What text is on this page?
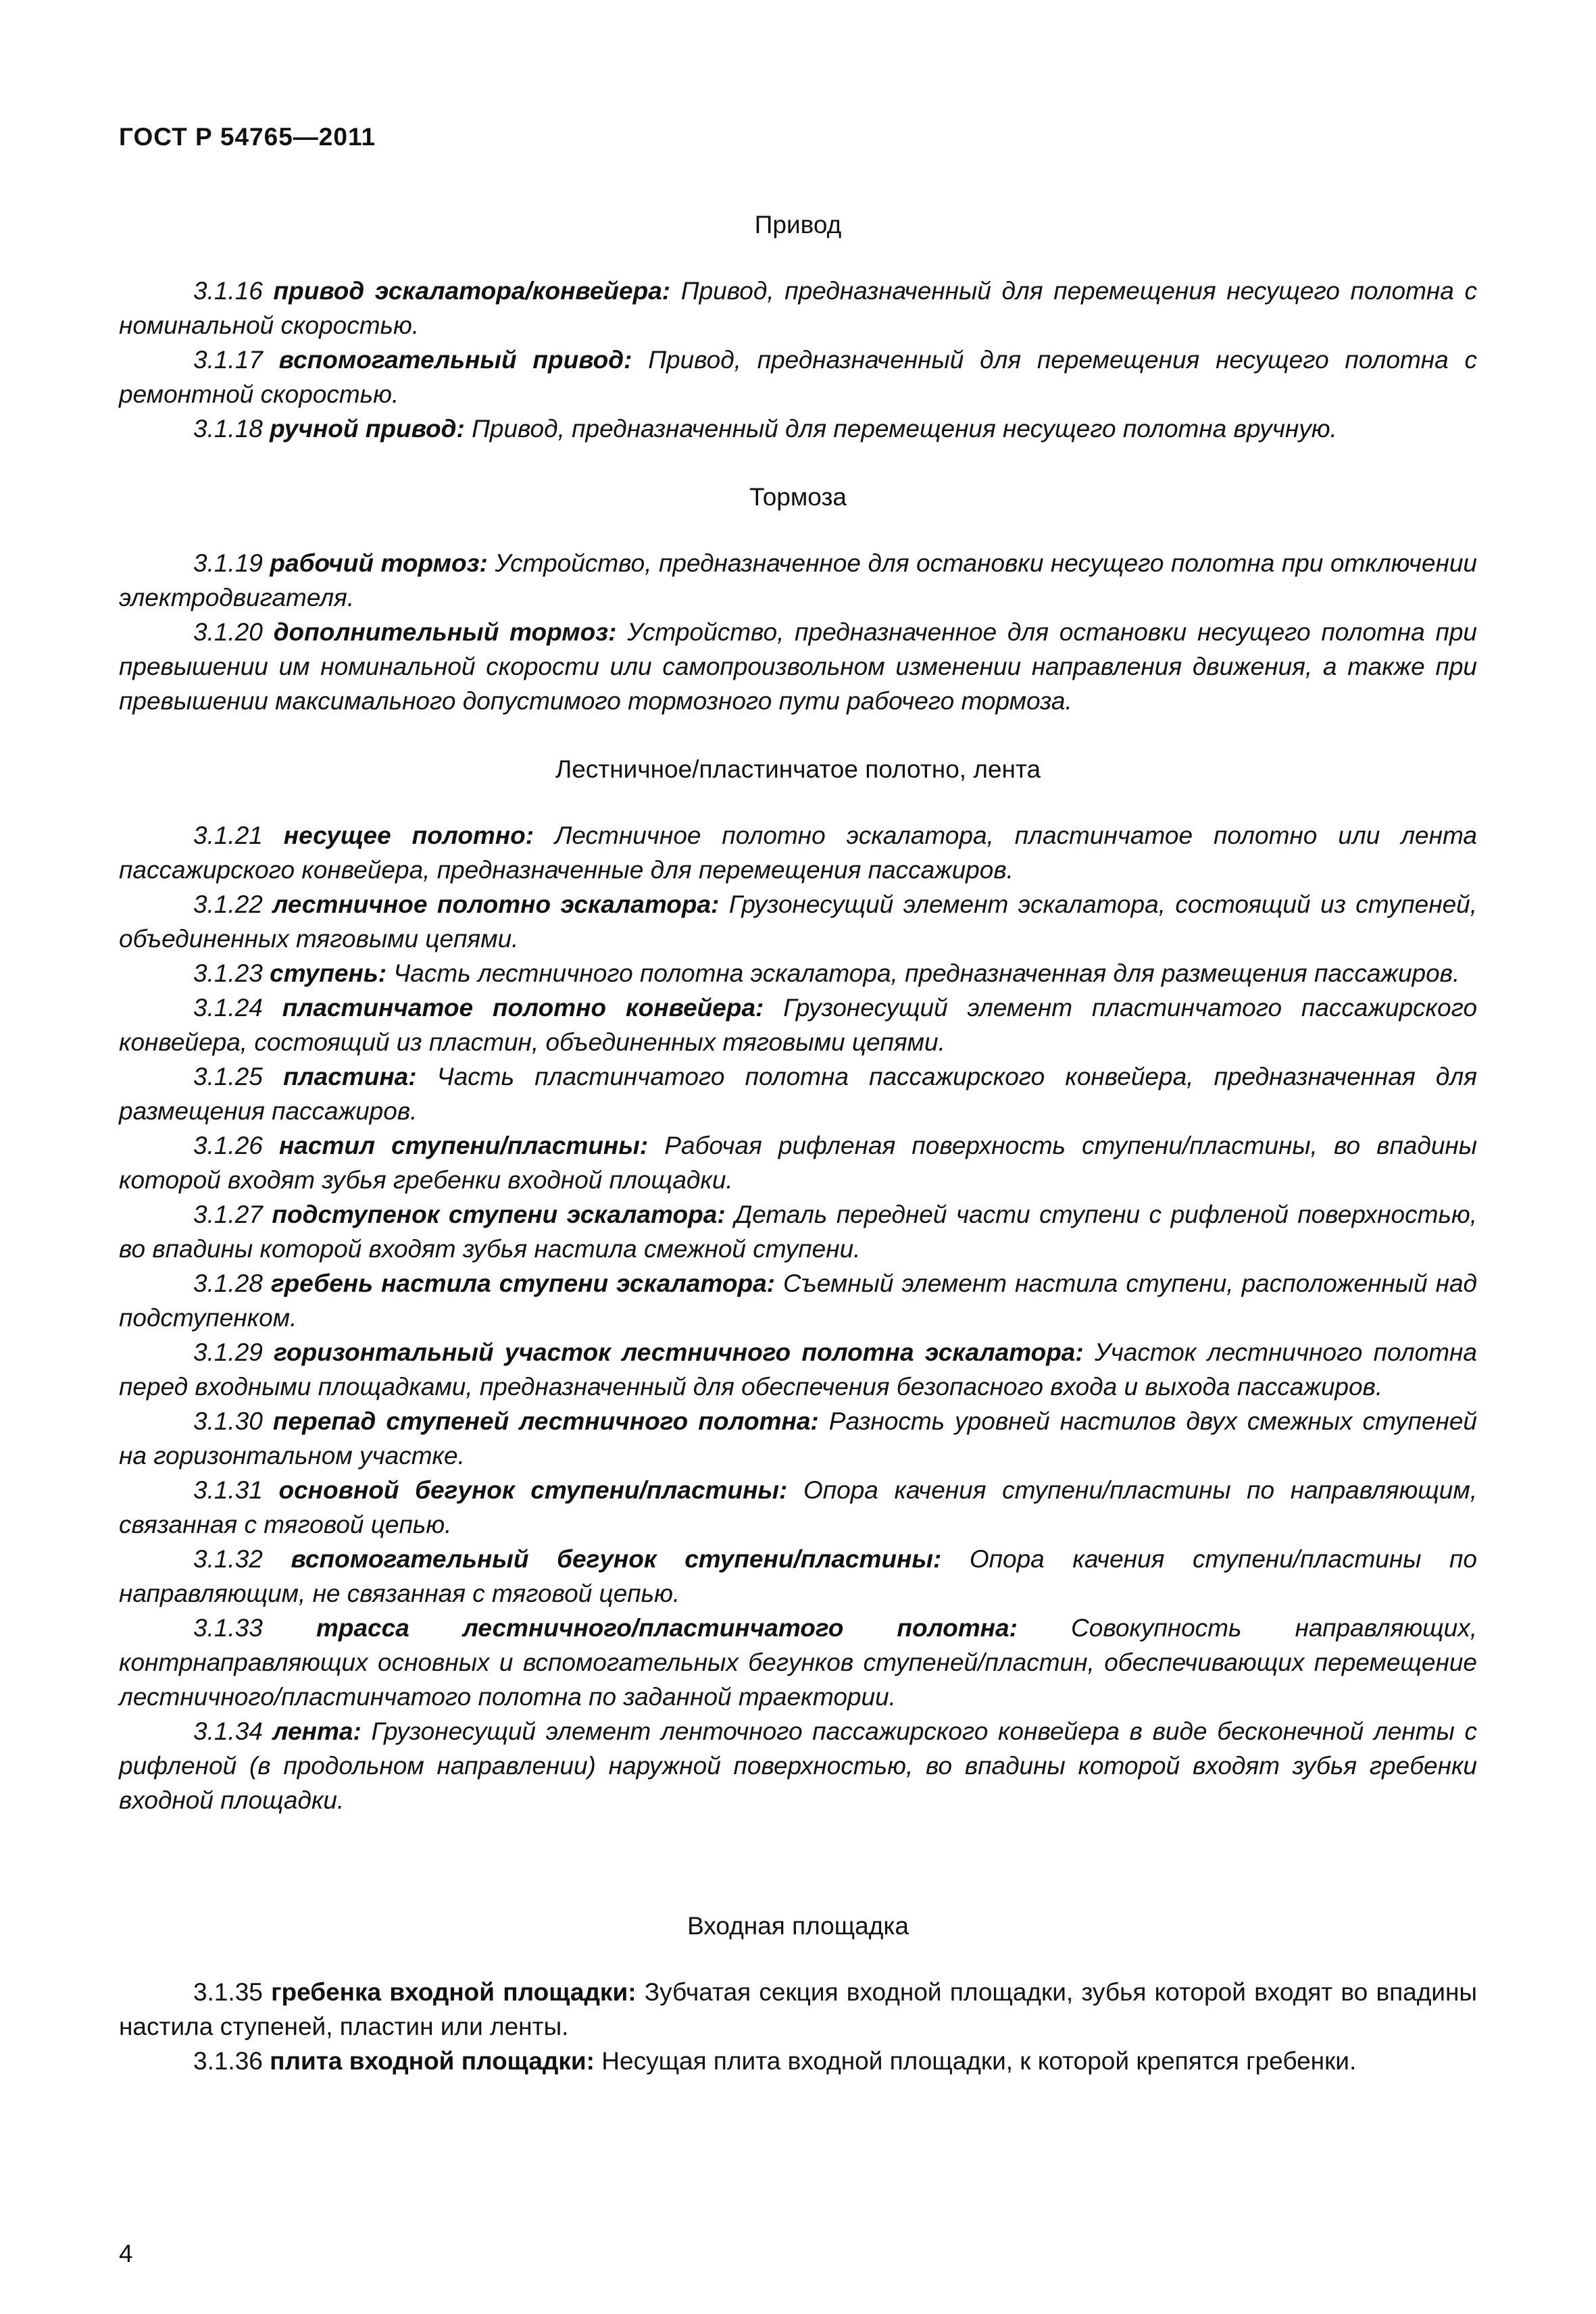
ГОСТ Р 54765—2011
Привод

3.1.16 привод эскалатора/конвейера: Привод, предназначенный для перемещения несущего полотна с номинальной скоростью.

3.1.17 вспомогательный привод: Привод, предназначенный для перемещения несущего полотна с ремонтной скоростью.

3.1.18 ручной привод: Привод, предназначенный для перемещения несущего полотна вручную.

Тормоза

3.1.19 рабочий тормоз: Устройство, предназначенное для остановки несущего полотна при отключении электродвигателя.

3.1.20 дополнительный тормоз: Устройство, предназначенное для остановки несущего полотна при превышении им номинальной скорости или самопроизвольном изменении направления движения, а также при превышении максимального допустимого тормозного пути рабочего тормоза.

Лестничное/пластинчатое полотно, лента

3.1.21 несущее полотно: Лестничное полотно эскалатора, пластинчатое полотно или лента пассажирского конвейера, предназначенные для перемещения пассажиров.

3.1.22 лестничное полотно эскалатора: Грузонесущий элемент эскалатора, состоящий из ступеней, объединенных тяговыми цепями.

3.1.23 ступень: Часть лестничного полотна эскалатора, предназначенная для размещения пассажиров.

3.1.24 пластинчатое полотно конвейера: Грузонесущий элемент пластинчатого пассажирского конвейера, состоящий из пластин, объединенных тяговыми цепями.

3.1.25 пластина: Часть пластинчатого полотна пассажирского конвейера, предназначенная для размещения пассажиров.

3.1.26 настил ступени/пластины: Рабочая рифленая поверхность ступени/пластины, во впадины которой входят зубья гребенки входной площадки.

3.1.27 подступенок ступени эскалатора: Деталь передней части ступени с рифленой поверхностью, во впадины которой входят зубья настила смежной ступени.

3.1.28 гребень настила ступени эскалатора: Съемный элемент настила ступени, расположенный над подступенком.

3.1.29 горизонтальный участок лестничного полотна эскалатора: Участок лестничного полотна перед входными площадками, предназначенный для обеспечения безопасного входа и выхода пассажиров.

3.1.30 перепад ступеней лестничного полотна: Разность уровней настилов двух смежных ступеней на горизонтальном участке.

3.1.31 основной бегунок ступени/пластины: Опора качения ступени/пластины по направляющим, связанная с тяговой цепью.

3.1.32 вспомогательный бегунок ступени/пластины: Опора качения ступени/пластины по направляющим, не связанная с тяговой цепью.

3.1.33 трасса лестничного/пластинчатого полотна: Совокупность направляющих, контрнаправляющих основных и вспомогательных бегунков ступеней/пластин, обеспечивающих перемещение лестничного/пластинчатого полотна по заданной траектории.

3.1.34 лента: Грузонесущий элемент ленточного пассажирского конвейера в виде бесконечной ленты с рифленой (в продольном направлении) наружной поверхностью, во впадины которой входят зубья гребенки входной площадки.

Входная площадка

3.1.35 гребенка входной площадки: Зубчатая секция входной площадки, зубья которой входят во впадины настила ступеней, пластин или ленты.

3.1.36 плита входной площадки: Несущая плита входной площадки, к которой крепятся гребенки.

4
